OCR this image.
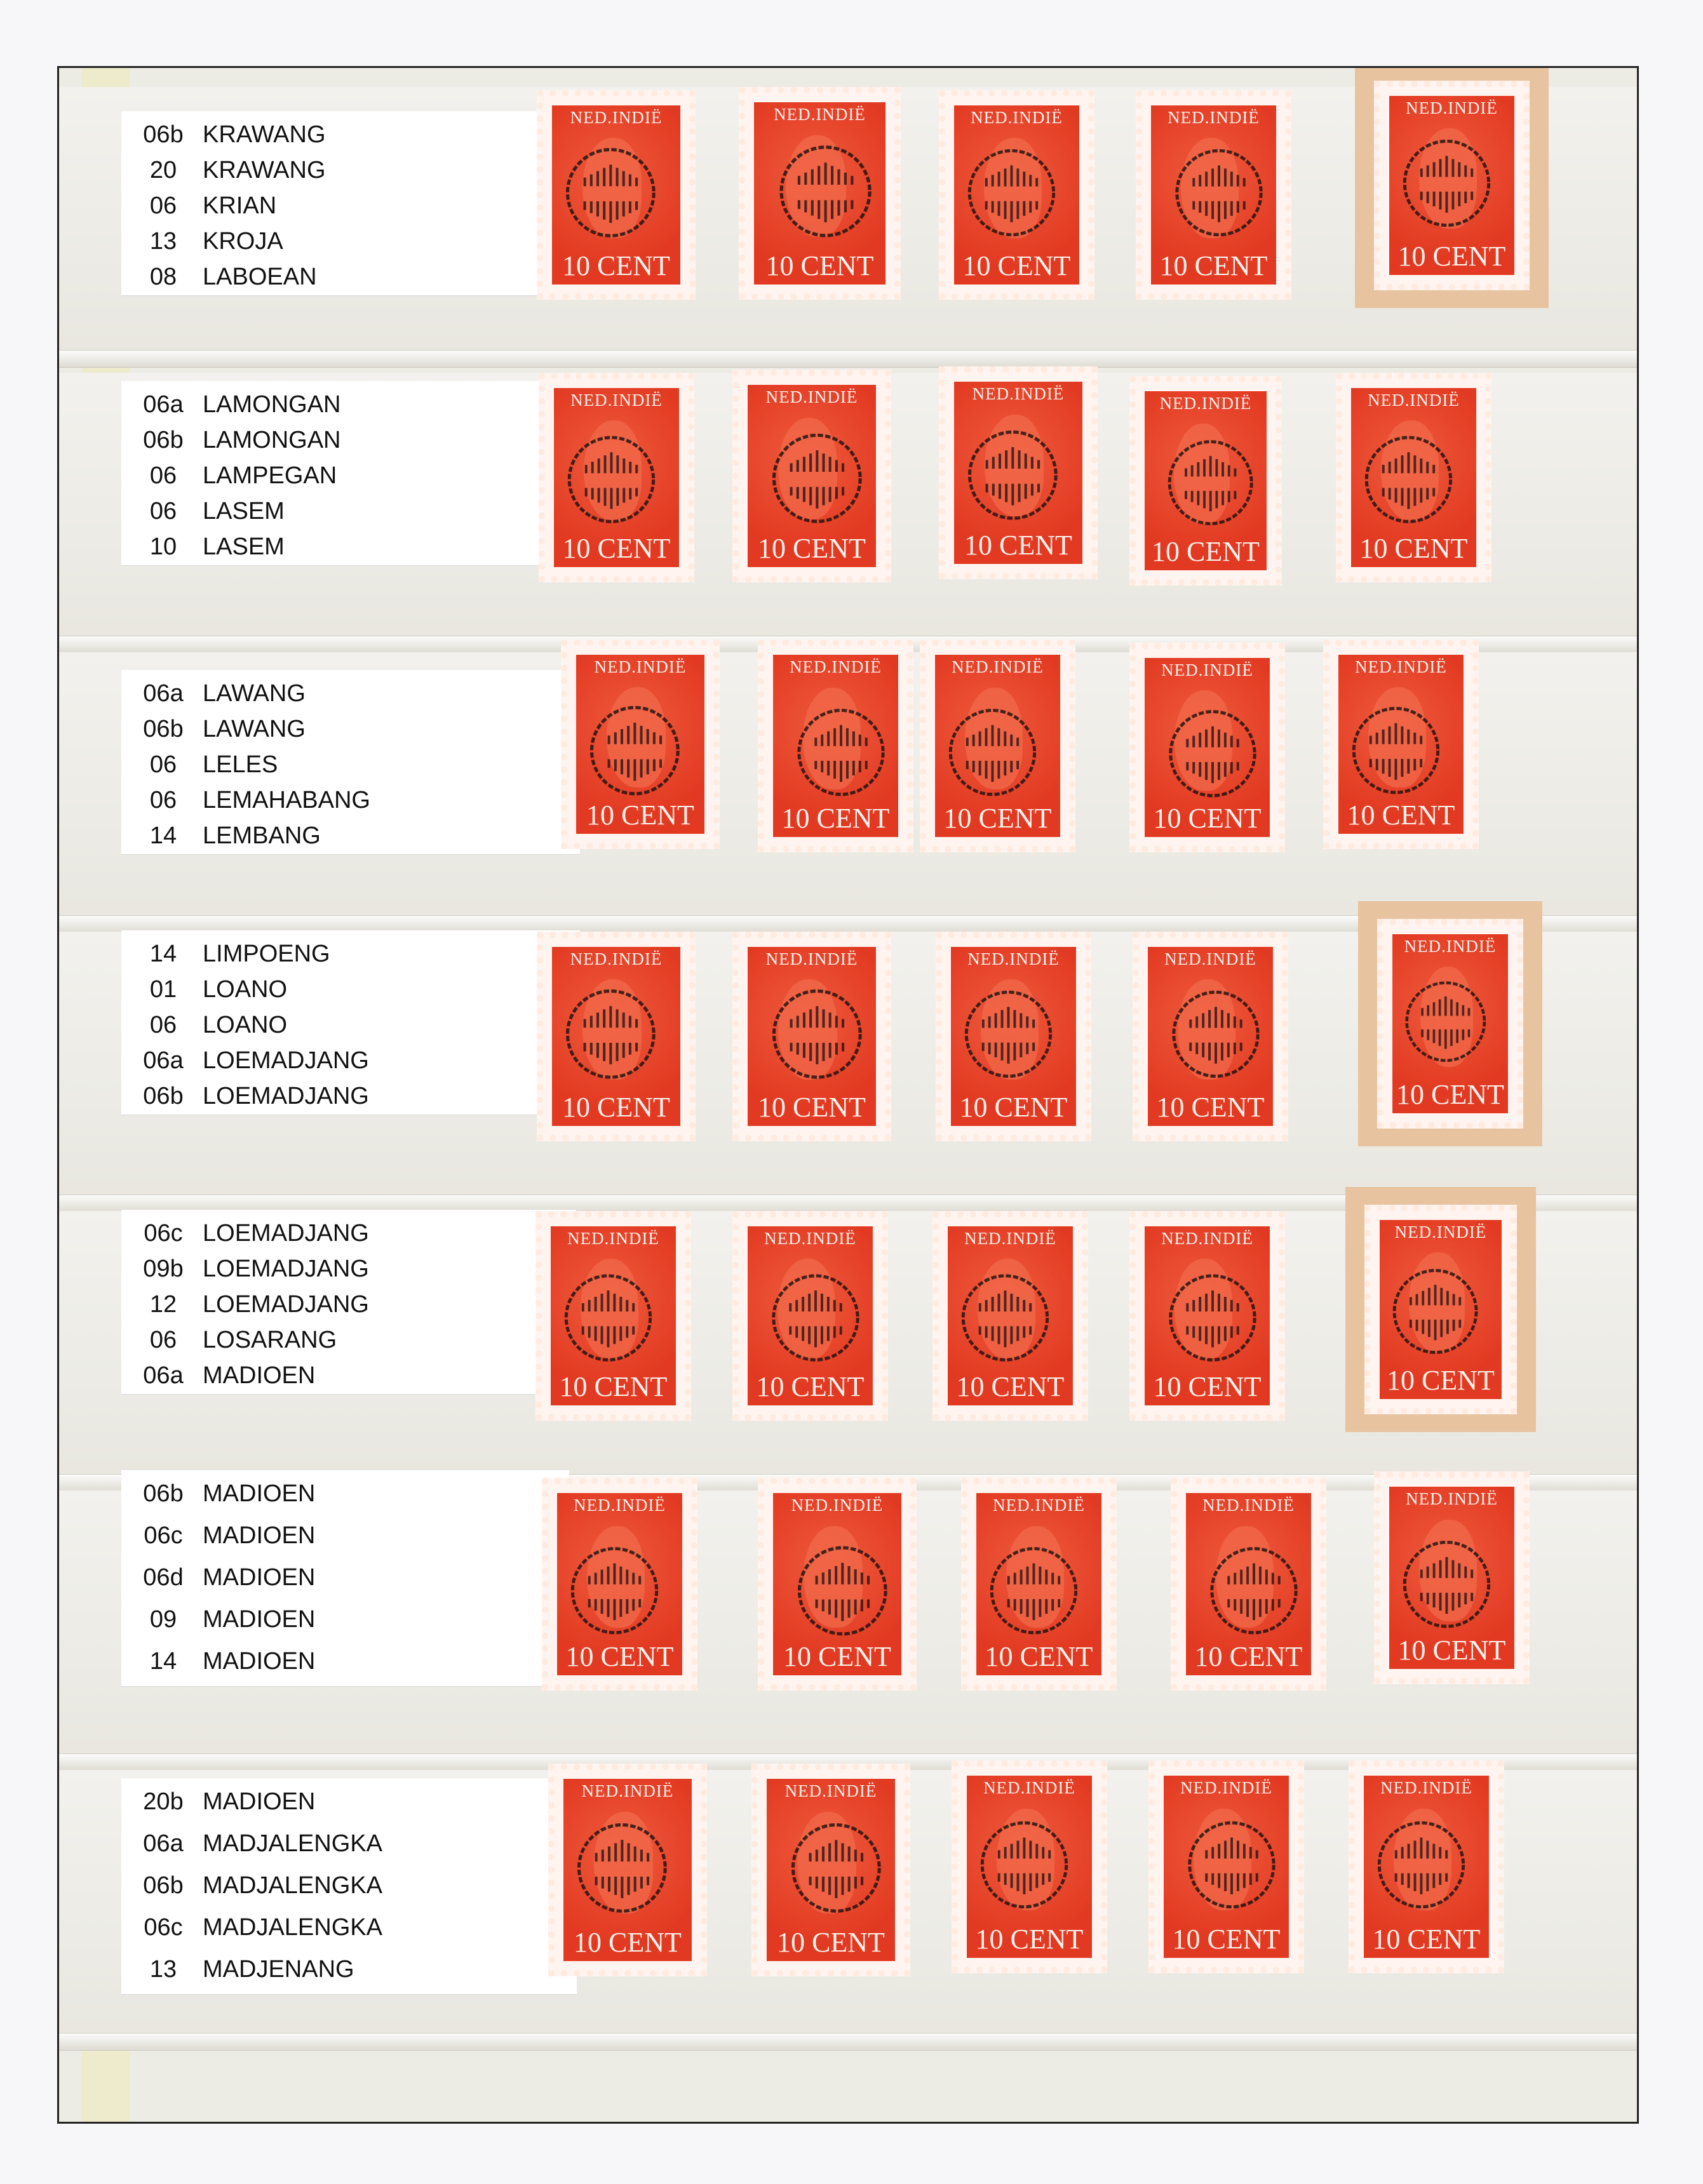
06b KRAWANG
20	KRAWANG
06	KRIAN
13	KROJA
08	LABOEAN
NED.INDIË
10 CENT
NED.INDIË
10 CENT
NED.INDIË
10 CENT
NED.INDIË
10 CENT
NED.INDIË
10 CENT
06a LAMONGAN
06b LAMONGAN
06	LAMPEGAN
06	LASEM
10	LASEM
NED.INDIË
10 CENT
NED.INDIË
10 CENT
NED.INDIË
10 CENT
NED.INDIË
10 CENT
NED.INDIË
10 CENT
06a LAWANG
06b LAWANG
06	LELES
06	LEMAHABANG
14	LEMBANG
NED.INDIË
10 CENT
NED.INDIË
10 CENT
NED.INDIË
10 CENT
NED.INDIË
10 CENT
NED.INDIË
10 CENT
14	LIMPOENG
01	LOANO
06	LOANO
06a LOEMADJANG
06b LOEMADJANG
NED.INDIË
10 CENT
NED.INDIË
10 CENT
NED.INDIË
10 CENT
NED.INDIË
10 CENT
NED.INDIË
10 CENT
06c LOEMADJANG
09b LOEMADJANG
12	LOEMADJANG
06	LOSARANG
06a MADIOEN
NED.INDIË
10 CENT
NED.INDIË
10 CENT
NED.INDIË
10 CENT
NED.INDIË
10 CENT
NED.INDIË
10 CENT
06b MADIOEN
06c MADIOEN
06d MADIOEN
09	MADIOEN
14	MADIOEN
NED.INDIË
10 CENT
NED.INDIË
10 CENT
NED.INDIË
10 CENT
NED.INDIË
10 CENT
NED.INDIË
10 CENT
20b MADIOEN
06a MADJALENGKA
06b MADJALENGKA
06c MADJALENGKA
13	MADJENANG
NED.INDIË
10 CENT
NED.INDIË
10 CENT
NED.INDIË
10 CENT
NED.INDIË
10 CENT
NED.INDIË
10 CENT
